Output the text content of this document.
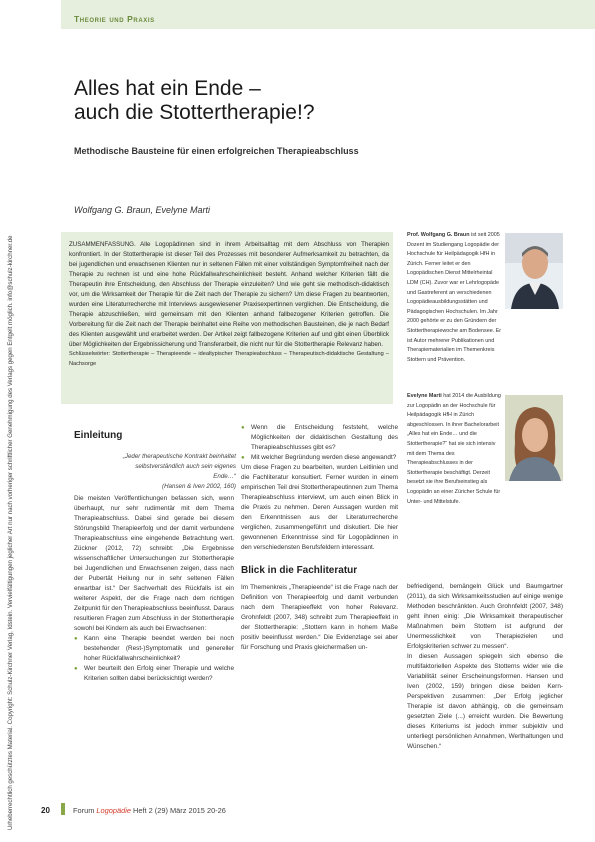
Theorie und Praxis
Urheberrechtlich geschütztes Material. Copyright: Schulz-Kirchner Verlag, Idstein. Vervielfältigungen jeglicher Art nur nach vorheriger schriftlicher Genehmigung des Verlags gegen Entgelt möglich. info@schulz-kirchner.de
Alles hat ein Ende –
auch die Stottertherapie!?
Methodische Bausteine für einen erfolgreichen Therapieabschluss
Wolfgang G. Braun, Evelyne Marti
ZUSAMMENFASSUNG. Alle Logopädinnen sind in ihrem Arbeitsalltag mit dem Abschluss von Therapien konfrontiert. In der Stottertherapie ist dieser Teil des Prozesses mit besonderer Aufmerksamkeit zu betrachten, da bei jugendlichen und erwachsenen Klienten nur in seltenen Fällen mit einer vollständigen Symptomfreiheit nach der Therapie zu rechnen ist und eine hohe Rückfallwahrscheinlichkeit besteht. Anhand welcher Kriterien fällt die Therapeutin ihre Entscheidung, den Abschluss der Therapie einzuleiten? Und wie geht sie methodisch-didaktisch vor, um die Wirksamkeit der Therapie für die Zeit nach der Therapie zu sichern? Um diese Fragen zu beantworten, wurden eine Literaturrecherche mit Interviews ausgewiesener Praxisexpertinnen verglichen. Die Entscheidung, die Therapie abzuschließen, wird gemeinsam mit den Klienten anhand fallbezogener Kriterien getroffen. Die Vorbereitung für die Zeit nach der Therapie beinhaltet eine Reihe von methodischen Bausteinen, die je nach Bedarf des Klienten ausgewählt und erarbeitet werden. Der Artikel zeigt fallbezogene Kriterien auf und gibt einen Überblick über Möglichkeiten der Ergebnissicherung und Transferarbeit, die nicht nur für die Stottertherapie Relevanz haben.
Schlüsselwörter: Stottertherapie – Therapieende – idealtypischer Therapieabschluss – Therapeutisch-didaktische Gestaltung – Nachsorge
Prof. Wolfgang G. Braun ist seit 2005 Dozent im Studiengang Logopädie der Hochschule für Heilpädagogik HfH in Zürich. Ferner leitet er den Logopädischen Dienst Mittelrheintal LDM (CH). Zuvor war er Lehrlogopäde und Gastreferent an verschiedenen Logopädieausbildungsstätten und Pädagogischen Hochschulen. Im Jahr 2000 gehörte er zu den Gründern der Stottertherapiewoche am Bodensee. Er ist Autor mehrerer Publikationen und Therapiematerialien im Themenkreis Stottern und Prävention.
Evelyne Marti hat 2014 die Ausbildung zur Logopädin an der Hochschule für Heilpädagogik HfH in Zürich abgeschlossen. In ihrer Bachelorarbeit „Alles hat ein Ende… und die Stottertherapie?“ hat sie sich intensiv mit dem Thema des Therapieabschlusses in der Stottertherapie beschäftigt. Derzeit besetzt sie ihre Berufseinstieg als Logopädin an einer Züricher Schule für Unter- und Mittelstufe.
Einleitung
„Jeder therapeutische Kontrakt beinhaltet selbstverständlich auch sein eigenes Ende…“
(Hansen & Iven 2002, 160)

Die meisten Veröffentlichungen befassen sich, wenn überhaupt, nur sehr rudimentär mit dem Thema Therapieabschluss. Dabei sind gerade bei diesem Störungsbild Therapieerfolg und der damit verbundene Therapieabschluss eine eingehende Betrachtung wert. Zückner (2012, 72) schreibt: „Die Ergebnisse wissenschaftlicher Untersuchungen zur Stottertherapie bei Jugendlichen und Erwachsenen zeigen, dass nach der Pubertät Heilung nur in sehr seltenen Fällen erwartbar ist.“ Der Sachverhalt des Rückfalls ist ein weiterer Aspekt, der die Frage nach dem richtigen Zeitpunkt für den Therapieabschluss beeinflusst. Daraus resultieren Fragen zum Abschluss in der Stottertherapie sowohl bei Kindern als auch bei Erwachsenen:

● Kann eine Therapie beendet werden bei noch bestehender (Rest-)Symptomatik und genereller hoher Rückfallwahrscheinlichkeit?

● Wer beurteilt den Erfolg einer Therapie und welche Kriterien sollten dabei berücksichtigt werden?

● Wenn die Entscheidung feststeht, welche Möglichkeiten der didaktischen Gestaltung des Therapieabschlusses gibt es?

● Mit welcher Begründung werden diese angewandt?

Um diese Fragen zu bearbeiten, wurden Leitlinien und die Fachliteratur konsultiert. Ferner wurden in einem empirischen Teil drei Stottertherapeutinnen zum Thema Therapieabschluss interviewt, um auch einen Blick in die Praxis zu nehmen. Deren Aussagen wurden mit den Erkenntnissen aus der Literaturrecherche verglichen, zusammengeführt und diskutiert. Die hier gewonnenen Erkenntnisse sind für Logopädinnen in den verschiedensten Berufsfeldern interessant.

Blick in die Fachliteratur

Im Themenkreis „Therapieende“ ist die Frage nach der Definition von Therapieerfolg und damit verbunden nach dem Therapieeffekt von hoher Relevanz. Grohnfeldt (2007, 348) schreibt zum Therapieeffekt in der Stottertherapie: „Stottern kann in hohem Maße positiv beeinflusst werden.“ Die Evidenzlage sei aber für Forschung und Praxis gleichermaßen un-

befriedigend, bemängeln Glück und Baumgartner (2011), da sich Wirksamkeitsstudien auf einige wenige Methoden beschränkten. Auch Grohnfeldt (2007, 348) geht ihnen einig: „Die Wirksamkeit therapeutischer Maßnahmen beim Stottern ist aufgrund der Unermesslichkeit von Therapiezielen und Erfolgskriterien schwer zu messen“.

In diesen Aussagen spiegeln sich ebenso die multifaktoriellen Aspekte des Stotterns wider wie die Variabilität seiner Erscheinungsformen. Hansen und Iven (2002, 159) bringen diese beiden Kern-Perspektiven zusammen: „Der Erfolg jeglicher Therapie ist davon abhängig, ob die gemeinsam gesetzten Ziele (...) erreicht wurden. Die Bewertung dieses Kriteriums ist jedoch immer subjektiv und unterliegt persönlichen Annahmen, Werthaltungen und Wünschen.“

20	Forum Logopädie Heft 2 (29) März 2015 20-26
